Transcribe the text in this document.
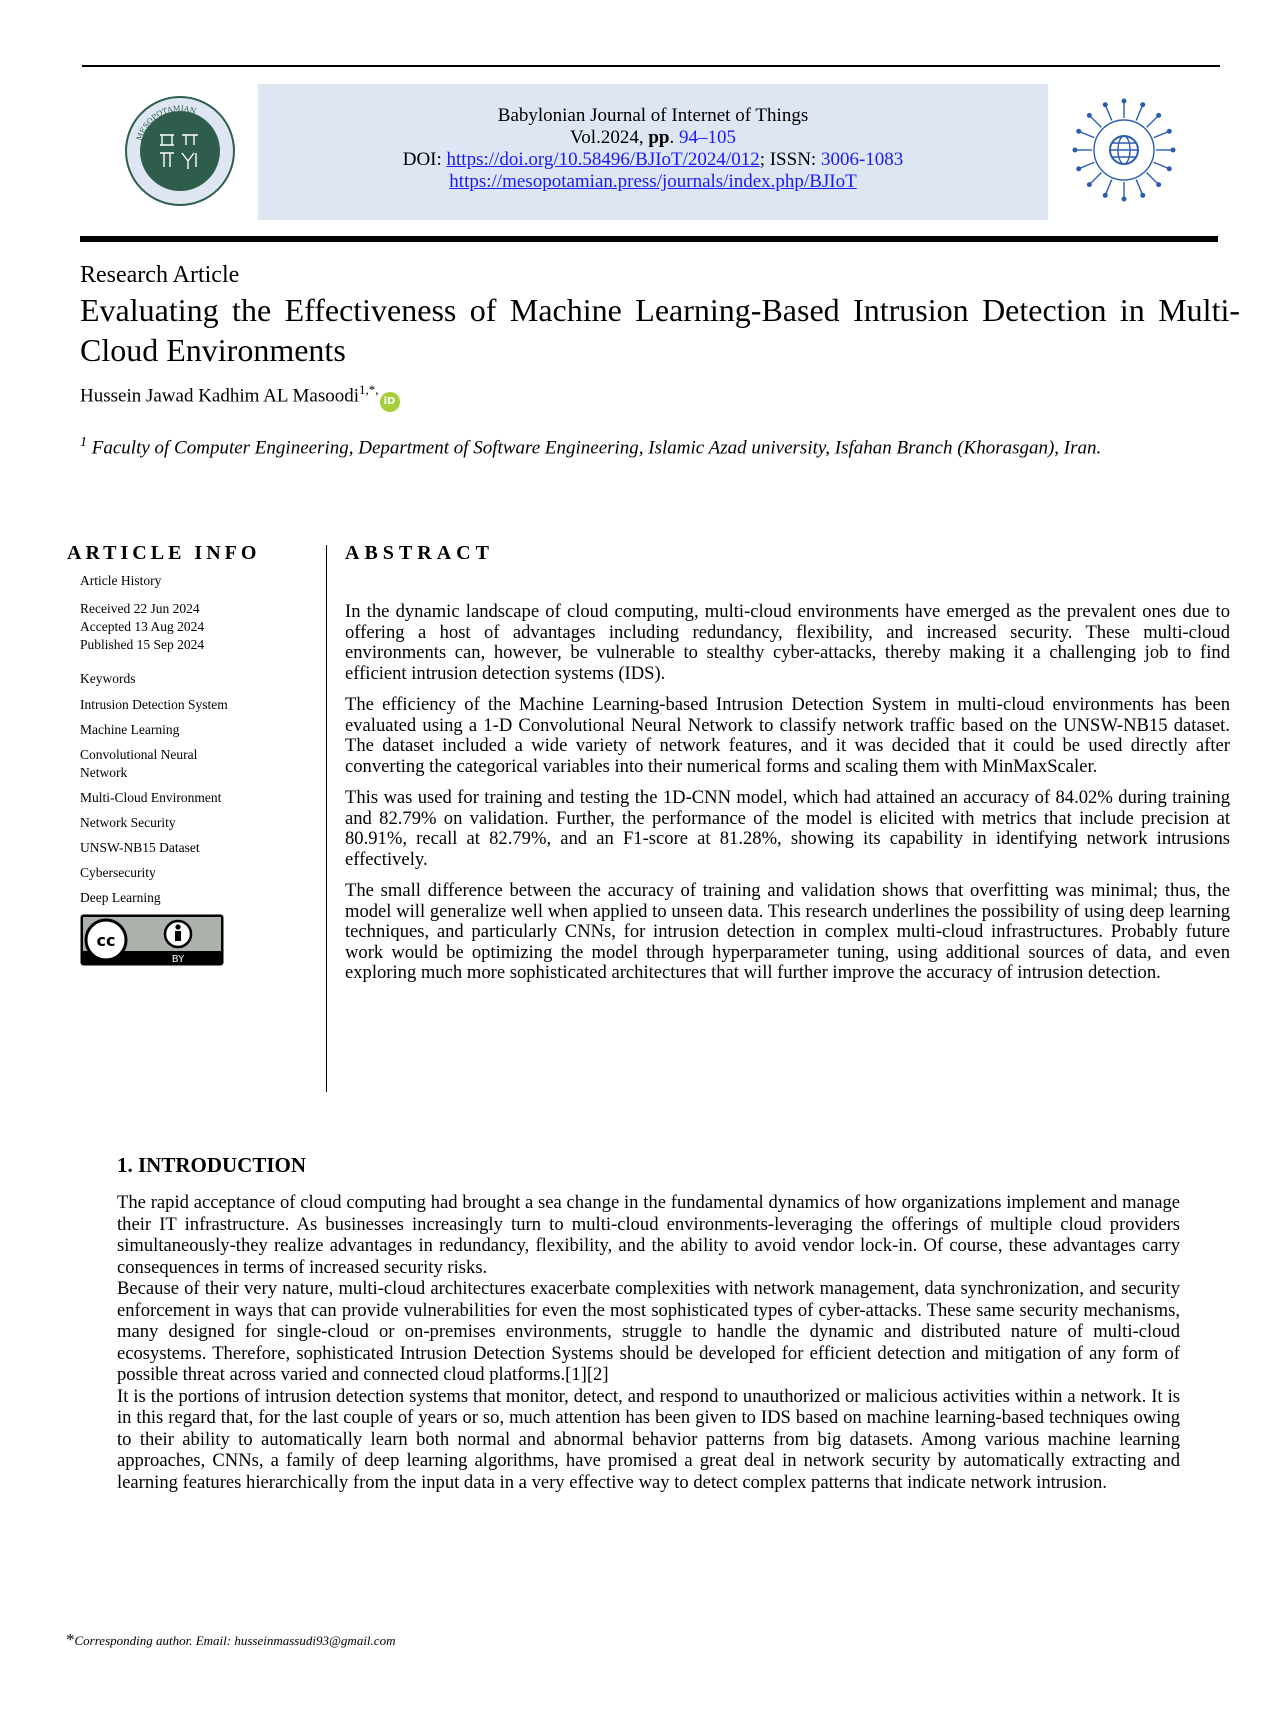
MESOPOTAMIAN
ACADEMIC PRESS
Babylonian Journal of Internet of Things
Vol.2024, pp. 94–105
DOI: https://doi.org/10.58496/BJIoT/2024/012; ISSN: 3006-1083
https://mesopotamian.press/journals/index.php/BJIoT
Research Article
Evaluating the Effectiveness of Machine Learning-Based Intrusion Detection in Multi-Cloud Environments
Hussein Jawad Kadhim AL Masoodi$^{1,*,}$iD
$^1$ Faculty of Computer Engineering, Department of Software Engineering, Islamic Azad university, Isfahan Branch (Khorasgan), Iran.
ARTICLE INFO
Article History
Received 22 Jun 2024
Accepted 13 Aug 2024
Published 15 Sep 2024
Keywords
Intrusion Detection System
Machine Learning
Convolutional Neural Network
Multi-Cloud Environment
Network Security
UNSW-NB15 Dataset
Cybersecurity
Deep Learning
cc
BY
ABSTRACT

In the dynamic landscape of cloud computing, multi-cloud environments have emerged as the prevalent ones due to offering a host of advantages including redundancy, flexibility, and increased security. These multi-cloud environments can, however, be vulnerable to stealthy cyber-attacks, thereby making it a challenging job to find efficient intrusion detection systems (IDS).

The efficiency of the Machine Learning-based Intrusion Detection System in multi-cloud environments has been evaluated using a 1-D Convolutional Neural Network to classify network traffic based on the UNSW-NB15 dataset. The dataset included a wide variety of network features, and it was decided that it could be used directly after converting the categorical variables into their numerical forms and scaling them with MinMaxScaler.

This was used for training and testing the 1D-CNN model, which had attained an accuracy of 84.02% during training and 82.79% on validation. Further, the performance of the model is elicited with metrics that include precision at 80.91%, recall at 82.79%, and an F1-score at 81.28%, showing its capability in identifying network intrusions effectively.

The small difference between the accuracy of training and validation shows that overfitting was minimal; thus, the model will generalize well when applied to unseen data. This research underlines the possibility of using deep learning techniques, and particularly CNNs, for intrusion detection in complex multi-cloud infrastructures. Probably future work would be optimizing the model through hyperparameter tuning, using additional sources of data, and even exploring much more sophisticated architectures that will further improve the accuracy of intrusion detection.

1. INTRODUCTION

The rapid acceptance of cloud computing had brought a sea change in the fundamental dynamics of how organizations implement and manage their IT infrastructure. As businesses increasingly turn to multi-cloud environments-leveraging the offerings of multiple cloud providers simultaneously-they realize advantages in redundancy, flexibility, and the ability to avoid vendor lock-in. Of course, these advantages carry consequences in terms of increased security risks.

Because of their very nature, multi-cloud architectures exacerbate complexities with network management, data synchronization, and security enforcement in ways that can provide vulnerabilities for even the most sophisticated types of cyber-attacks. These same security mechanisms, many designed for single-cloud or on-premises environments, struggle to handle the dynamic and distributed nature of multi-cloud ecosystems. Therefore, sophisticated Intrusion Detection Systems should be developed for efficient detection and mitigation of any form of possible threat across varied and connected cloud platforms.[1][2]

It is the portions of intrusion detection systems that monitor, detect, and respond to unauthorized or malicious activities within a network. It is in this regard that, for the last couple of years or so, much attention has been given to IDS based on machine learning-based techniques owing to their ability to automatically learn both normal and abnormal behavior patterns from big datasets. Among various machine learning approaches, CNNs, a family of deep learning algorithms, have promised a great deal in network security by automatically extracting and learning features hierarchically from the input data in a very effective way to detect complex patterns that indicate network intrusion.

*Corresponding author. Email: husseinmassudi93@gmail.com
